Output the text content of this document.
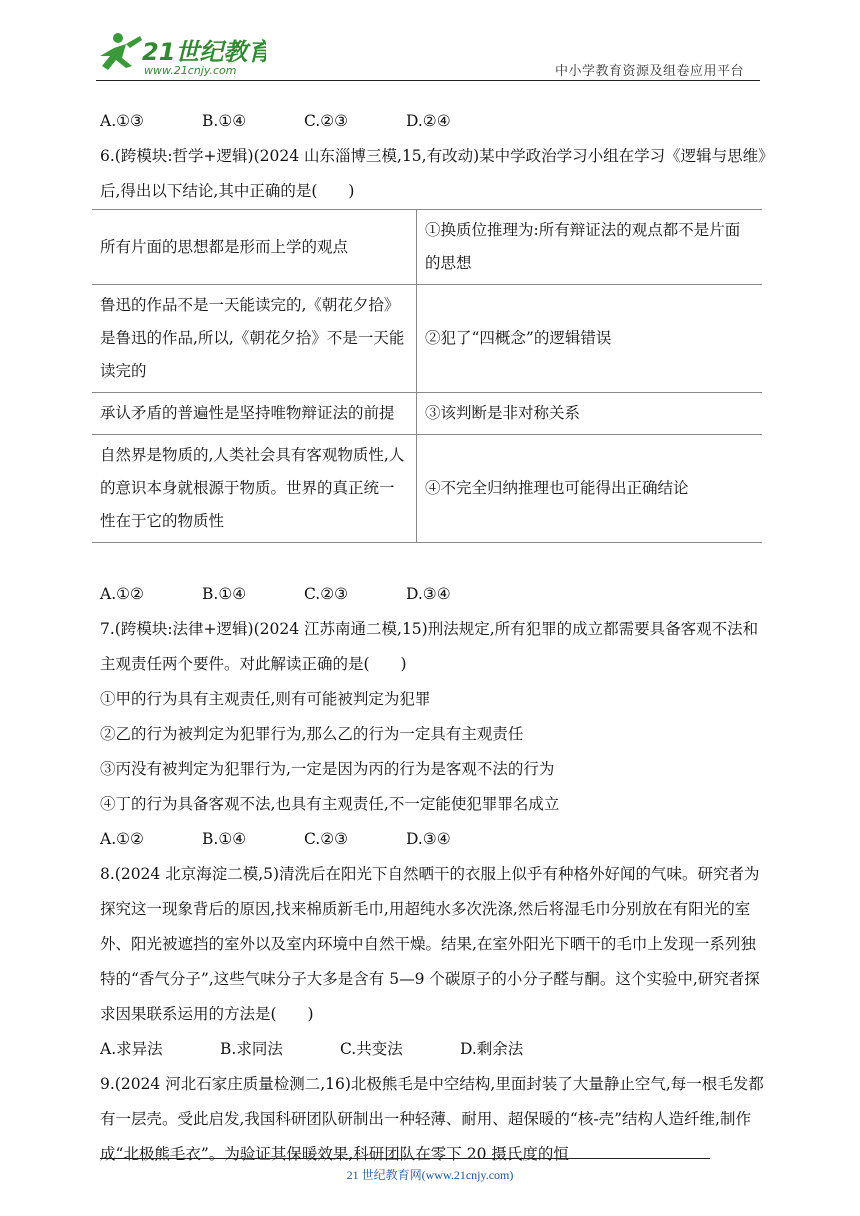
21世纪教育
www.21cnjy.com	中小学教育资源及组卷应用平台
A.①③	B.①④	C.②③	D.②④
6.(跨模块:哲学+逻辑)(2024 山东淄博三模,15,有改动)某中学政治学习小组在学习《逻辑与思维》后,得出以下结论,其中正确的是(　　)
所有片面的思想都是形而上学的观点	①换质位推理为:所有辩证法的观点都不是片面的思想
鲁迅的作品不是一天能读完的,《朝花夕拾》是鲁迅的作品,所以,《朝花夕拾》不是一天能读完的	②犯了“四概念”的逻辑错误
承认矛盾的普遍性是坚持唯物辩证法的前提	③该判断是非对称关系
自然界是物质的,人类社会具有客观物质性,人的意识本身就根源于物质。世界的真正统一性在于它的物质性	④不完全归纳推理也可能得出正确结论
A.①②	B.①④	C.②③	D.③④
7.(跨模块:法律+逻辑)(2024 江苏南通二模,15)刑法规定,所有犯罪的成立都需要具备客观不法和主观责任两个要件。对此解读正确的是(　　)
①甲的行为具有主观责任,则有可能被判定为犯罪
②乙的行为被判定为犯罪行为,那么乙的行为一定具有主观责任
③丙没有被判定为犯罪行为,一定是因为丙的行为是客观不法的行为
④丁的行为具备客观不法,也具有主观责任,不一定能使犯罪罪名成立
A.①②	B.①④	C.②③	D.③④
8.(2024 北京海淀二模,5)清洗后在阳光下自然晒干的衣服上似乎有种格外好闻的气味。研究者为探究这一现象背后的原因,找来棉质新毛巾,用超纯水多次洗涤,然后将湿毛巾分别放在有阳光的室外、阳光被遮挡的室外以及室内环境中自然干燥。结果,在室外阳光下晒干的毛巾上发现一系列独特的“香气分子”,这些气味分子大多是含有 5—9 个碳原子的小分子醛与酮。这个实验中,研究者探求因果联系运用的方法是(　　)
A.求异法	B.求同法	C.共变法	D.剩余法
9.(2024 河北石家庄质量检测二,16)北极熊毛是中空结构,里面封装了大量静止空气,每一根毛发都有一层壳。受此启发,我国科研团队研制出一种轻薄、耐用、超保暖的“核-壳”结构人造纤维,制作成“北极熊毛衣”。为验证其保暖效果,科研团队在零下 20 摄氏度的恒
21 世纪教育网(www.21cnjy.com)
